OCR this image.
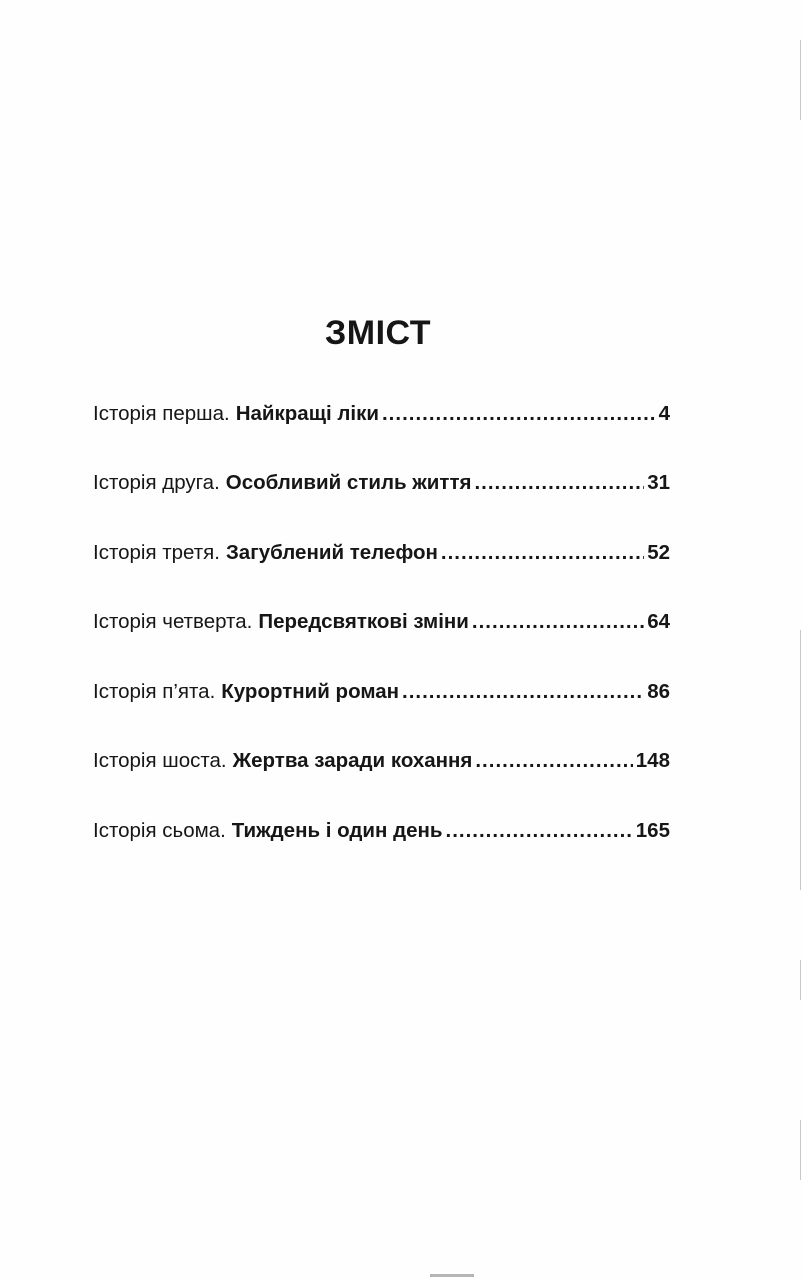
ЗМІСТ
Історія перша. Найкращі ліки .....	4
Історія друга. Особливий стиль життя .....	31
Історія третя. Загублений телефон .....	52
Історія четверта. Передсвяткові зміни .....	64
Історія п’ята. Курортний роман .....	86
Історія шоста. Жертва заради кохання .....	148
Історія сьома. Тиждень і один день .....	165
